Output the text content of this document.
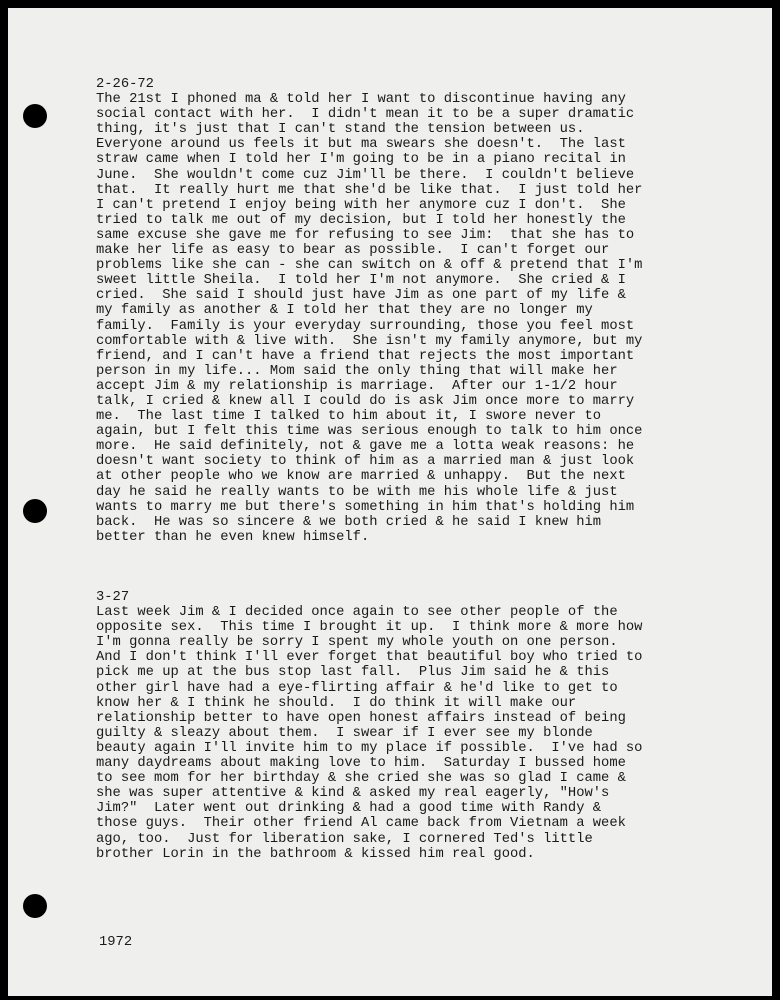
2-26-72
The 21st I phoned ma & told her I want to discontinue having any
social contact with her.  I didn't mean it to be a super dramatic
thing, it's just that I can't stand the tension between us.
Everyone around us feels it but ma swears she doesn't.  The last
straw came when I told her I'm going to be in a piano recital in
June.  She wouldn't come cuz Jim'll be there.  I couldn't believe
that.  It really hurt me that she'd be like that.  I just told her
I can't pretend I enjoy being with her anymore cuz I don't.  She
tried to talk me out of my decision, but I told her honestly the
same excuse she gave me for refusing to see Jim:  that she has to
make her life as easy to bear as possible.  I can't forget our
problems like she can - she can switch on & off & pretend that I'm
sweet little Sheila.  I told her I'm not anymore.  She cried & I
cried.  She said I should just have Jim as one part of my life &
my family as another & I told her that they are no longer my
family.  Family is your everyday surrounding, those you feel most
comfortable with & live with.  She isn't my family anymore, but my
friend, and I can't have a friend that rejects the most important
person in my life... Mom said the only thing that will make her
accept Jim & my relationship is marriage.  After our 1-1/2 hour
talk, I cried & knew all I could do is ask Jim once more to marry
me.  The last time I talked to him about it, I swore never to
again, but I felt this time was serious enough to talk to him once
more.  He said definitely, not & gave me a lotta weak reasons: he
doesn't want society to think of him as a married man & just look
at other people who we know are married & unhappy.  But the next
day he said he really wants to be with me his whole life & just
wants to marry me but there's something in him that's holding him
back.  He was so sincere & we both cried & he said I knew him
better than he even knew himself.
3-27
Last week Jim & I decided once again to see other people of the
opposite sex.  This time I brought it up.  I think more & more how
I'm gonna really be sorry I spent my whole youth on one person.
And I don't think I'll ever forget that beautiful boy who tried to
pick me up at the bus stop last fall.  Plus Jim said he & this
other girl have had a eye-flirting affair & he'd like to get to
know her & I think he should.  I do think it will make our
relationship better to have open honest affairs instead of being
guilty & sleazy about them.  I swear if I ever see my blonde
beauty again I'll invite him to my place if possible.  I've had so
many daydreams about making love to him.  Saturday I bussed home
to see mom for her birthday & she cried she was so glad I came &
she was super attentive & kind & asked my real eagerly, "How's
Jim?"  Later went out drinking & had a good time with Randy &
those guys.  Their other friend Al came back from Vietnam a week
ago, too.  Just for liberation sake, I cornered Ted's little
brother Lorin in the bathroom & kissed him real good.
1972
